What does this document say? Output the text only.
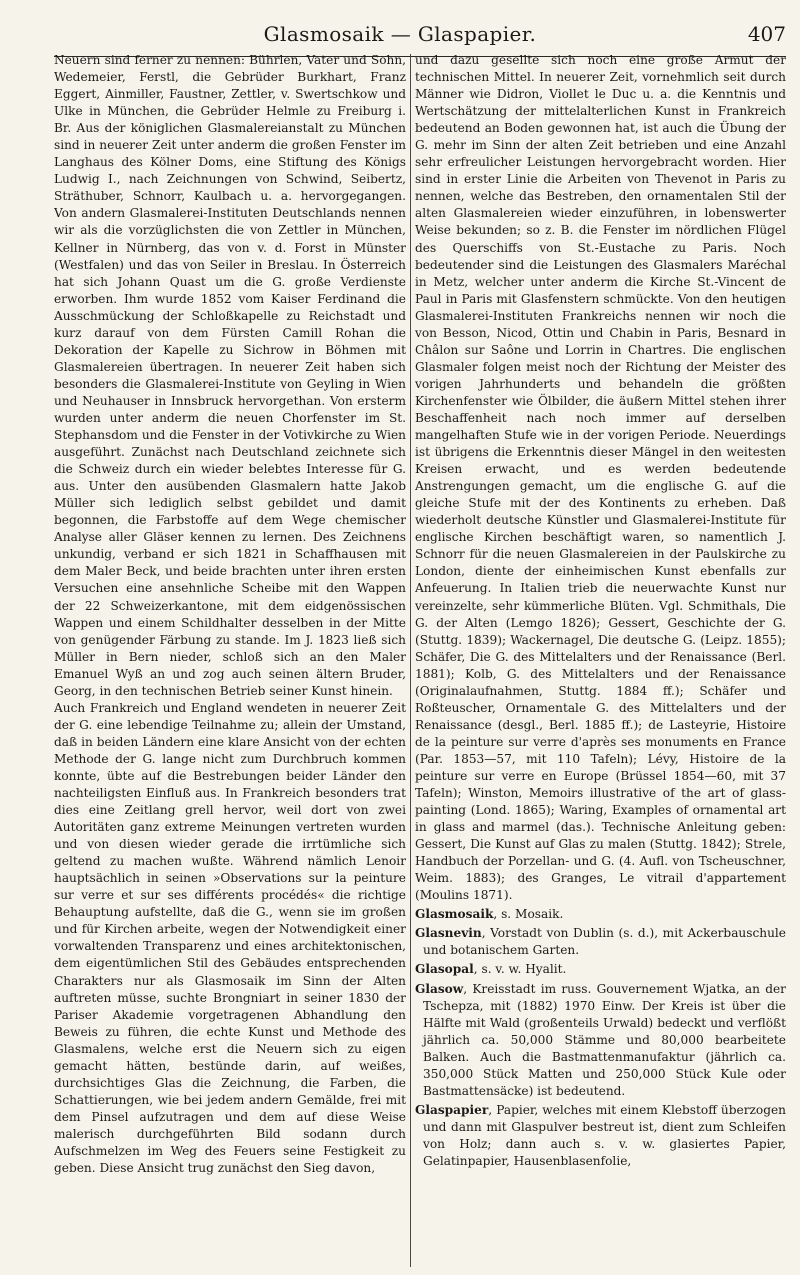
Glasmosaik — Glaspapier.	407

Neuern sind ferner zu nennen: Bührlen, Vater und Sohn, Wedemeier, Ferstl, die Gebrüder Burkhart, Franz Eggert, Ainmiller, Faustner, Zettler, v. Swertschkow und Ulke in München, die Gebrüder Helmle zu Freiburg i. Br. Aus der königlichen Glasmalereianstalt zu München sind in neuerer Zeit unter anderm die großen Fenster im Langhaus des Kölner Doms, eine Stiftung des Königs Ludwig I., nach Zeichnungen von Schwind, Seibertz, Sträthuber, Schnorr, Kaulbach u. a. hervorgegangen. Von andern Glasmalerei-Instituten Deutschlands nennen wir als die vorzüglichsten die von Zettler in München, Kellner in Nürnberg, das von v. d. Forst in Münster (Westfalen) und das von Seiler in Breslau. In Österreich hat sich Johann Quast um die G. große Verdienste erworben. Ihm wurde 1852 vom Kaiser Ferdinand die Ausschmückung der Schloßkapelle zu Reichstadt und kurz darauf von dem Fürsten Camill Rohan die Dekoration der Kapelle zu Sichrow in Böhmen mit Glasmalereien übertragen. In neuerer Zeit haben sich besonders die Glasmalerei-Institute von Geyling in Wien und Neuhauser in Innsbruck hervorgethan. Von ersterm wurden unter anderm die neuen Chorfenster im St. Stephansdom und die Fenster in der Votivkirche zu Wien ausgeführt. Zunächst nach Deutschland zeichnete sich die Schweiz durch ein wieder belebtes Interesse für G. aus. Unter den ausübenden Glasmalern hatte Jakob Müller sich lediglich selbst gebildet und damit begonnen, die Farbstoffe auf dem Wege chemischer Analyse aller Gläser kennen zu lernen. Des Zeichnens unkundig, verband er sich 1821 in Schaffhausen mit dem Maler Beck, und beide brachten unter ihren ersten Versuchen eine ansehnliche Scheibe mit den Wappen der 22 Schweizerkantone, mit dem eidgenössischen Wappen und einem Schildhalter desselben in der Mitte von genügender Färbung zu stande. Im J. 1823 ließ sich Müller in Bern nieder, schloß sich an den Maler Emanuel Wyß an und zog auch seinen ältern Bruder, Georg, in den technischen Betrieb seiner Kunst hinein.

Auch Frankreich und England wendeten in neuerer Zeit der G. eine lebendige Teilnahme zu; allein der Umstand, daß in beiden Ländern eine klare Ansicht von der echten Methode der G. lange nicht zum Durchbruch kommen konnte, übte auf die Bestrebungen beider Länder den nachteiligsten Einfluß aus. In Frankreich besonders trat dies eine Zeitlang grell hervor, weil dort von zwei Autoritäten ganz extreme Meinungen vertreten wurden und von diesen wieder gerade die irrtümliche sich geltend zu machen wußte. Während nämlich Lenoir hauptsächlich in seinen »Observations sur la peinture sur verre et sur ses différents procédés« die richtige Behauptung aufstellte, daß die G., wenn sie im großen und für Kirchen arbeite, wegen der Notwendigkeit einer vorwaltenden Transparenz und eines architektonischen, dem eigentümlichen Stil des Gebäudes entsprechenden Charakters nur als Glasmosaik im Sinn der Alten auftreten müsse, suchte Brongniart in seiner 1830 der Pariser Akademie vorgetragenen Abhandlung den Beweis zu führen, die echte Kunst und Methode des Glasmalens, welche erst die Neuern sich zu eigen gemacht hätten, bestünde darin, auf weißes, durchsichtiges Glas die Zeichnung, die Farben, die Schattierungen, wie bei jedem andern Gemälde, frei mit dem Pinsel aufzutragen und dem auf diese Weise malerisch durchgeführten Bild sodann durch Aufschmelzen im Weg des Feuers seine Festigkeit zu geben. Diese Ansicht trug zunächst den Sieg davon,

und dazu gesellte sich noch eine große Armut der technischen Mittel. In neuerer Zeit, vornehmlich seit durch Männer wie Didron, Viollet le Duc u. a. die Kenntnis und Wertschätzung der mittelalterlichen Kunst in Frankreich bedeutend an Boden gewonnen hat, ist auch die Übung der G. mehr im Sinn der alten Zeit betrieben und eine Anzahl sehr erfreulicher Leistungen hervorgebracht worden. Hier sind in erster Linie die Arbeiten von Thevenot in Paris zu nennen, welche das Bestreben, den ornamentalen Stil der alten Glasmalereien wieder einzuführen, in lobenswerter Weise bekunden; so z. B. die Fenster im nördlichen Flügel des Querschiffs von St.-Eustache zu Paris. Noch bedeutender sind die Leistungen des Glasmalers Maréchal in Metz, welcher unter anderm die Kirche St.-Vincent de Paul in Paris mit Glasfenstern schmückte. Von den heutigen Glasmalerei-Instituten Frankreichs nennen wir noch die von Besson, Nicod, Ottin und Chabin in Paris, Besnard in Châlon sur Saône und Lorrin in Chartres. Die englischen Glasmaler folgen meist noch der Richtung der Meister des vorigen Jahrhunderts und behandeln die größten Kirchenfenster wie Ölbilder, die äußern Mittel stehen ihrer Beschaffenheit nach noch immer auf derselben mangelhaften Stufe wie in der vorigen Periode. Neuerdings ist übrigens die Erkenntnis dieser Mängel in den weitesten Kreisen erwacht, und es werden bedeutende Anstrengungen gemacht, um die englische G. auf die gleiche Stufe mit der des Kontinents zu erheben. Daß wiederholt deutsche Künstler und Glasmalerei-Institute für englische Kirchen beschäftigt waren, so namentlich J. Schnorr für die neuen Glasmalereien in der Paulskirche zu London, diente der einheimischen Kunst ebenfalls zur Anfeuerung. In Italien trieb die neuerwachte Kunst nur vereinzelte, sehr kümmerliche Blüten. Vgl. Schmithals, Die G. der Alten (Lemgo 1826); Gessert, Geschichte der G. (Stuttg. 1839); Wackernagel, Die deutsche G. (Leipz. 1855); Schäfer, Die G. des Mittelalters und der Renaissance (Berl. 1881); Kolb, G. des Mittelalters und der Renaissance (Originalaufnahmen, Stuttg. 1884 ff.); Schäfer und Roßteuscher, Ornamentale G. des Mittelalters und der Renaissance (desgl., Berl. 1885 ff.); de Lasteyrie, Histoire de la peinture sur verre d'après ses monuments en France (Par. 1853—57, mit 110 Tafeln); Lévy, Histoire de la peinture sur verre en Europe (Brüssel 1854—60, mit 37 Tafeln); Winston, Memoirs illustrative of the art of glass-painting (Lond. 1865); Waring, Examples of ornamental art in glass and marmel (das.). Technische Anleitung geben: Gessert, Die Kunst auf Glas zu malen (Stuttg. 1842); Strele, Handbuch der Porzellan- und G. (4. Aufl. von Tscheuschner, Weim. 1883); des Granges, Le vitrail d'appartement (Moulins 1871).

Glasmosaik, s. Mosaik.

Glasnevin, Vorstadt von Dublin (s. d.), mit Ackerbauschule und botanischem Garten.

Glasopal, s. v. w. Hyalit.

Glasow, Kreisstadt im russ. Gouvernement Wjatka, an der Tschepza, mit (1882) 1970 Einw. Der Kreis ist über die Hälfte mit Wald (großenteils Urwald) bedeckt und verflößt jährlich ca. 50,000 Stämme und 80,000 bearbeitete Balken. Auch die Bastmattenmanufaktur (jährlich ca. 350,000 Stück Matten und 250,000 Stück Kule oder Bastmattensäcke) ist bedeutend.

Glaspapier, Papier, welches mit einem Klebstoff überzogen und dann mit Glaspulver bestreut ist, dient zum Schleifen von Holz; dann auch s. v. w. glasiertes Papier, Gelatinpapier, Hausenblasenfolie,
